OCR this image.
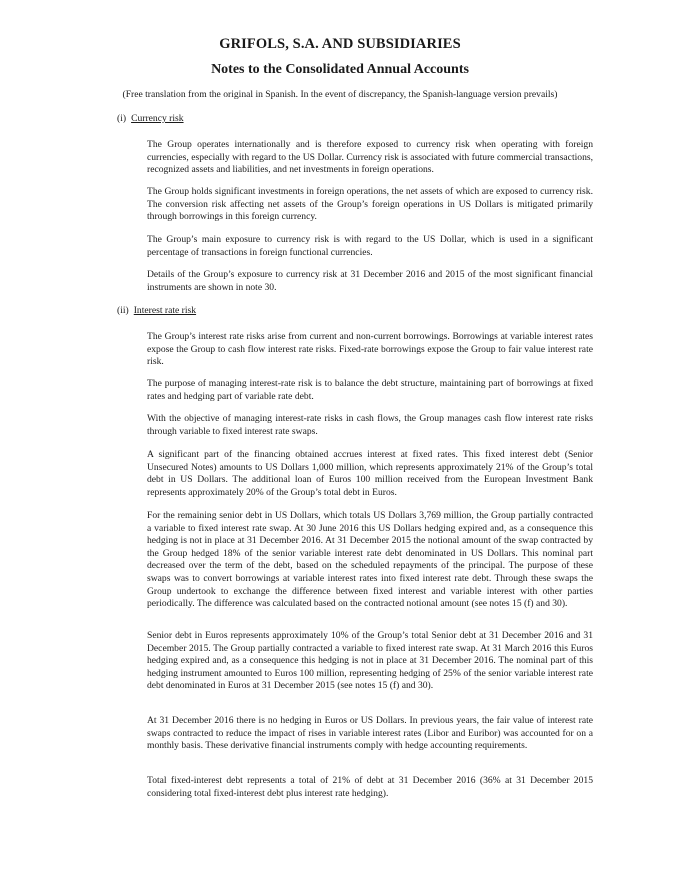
GRIFOLS, S.A. AND SUBSIDIARIES
Notes to the Consolidated Annual Accounts
(Free translation from the original in Spanish. In the event of discrepancy, the Spanish-language version prevails)
(i) Currency risk

The Group operates internationally and is therefore exposed to currency risk when operating with foreign currencies, especially with regard to the US Dollar. Currency risk is associated with future commercial transactions, recognized assets and liabilities, and net investments in foreign operations.

The Group holds significant investments in foreign operations, the net assets of which are exposed to currency risk. The conversion risk affecting net assets of the Group’s foreign operations in US Dollars is mitigated primarily through borrowings in this foreign currency.

The Group’s main exposure to currency risk is with regard to the US Dollar, which is used in a significant percentage of transactions in foreign functional currencies.

Details of the Group’s exposure to currency risk at 31 December 2016 and 2015 of the most significant financial instruments are shown in note 30.

(ii) Interest rate risk

The Group’s interest rate risks arise from current and non-current borrowings. Borrowings at variable interest rates expose the Group to cash flow interest rate risks. Fixed-rate borrowings expose the Group to fair value interest rate risk.

The purpose of managing interest-rate risk is to balance the debt structure, maintaining part of borrowings at fixed rates and hedging part of variable rate debt.

With the objective of managing interest-rate risks in cash flows, the Group manages cash flow interest rate risks through variable to fixed interest rate swaps.

A significant part of the financing obtained accrues interest at fixed rates. This fixed interest debt (Senior Unsecured Notes) amounts to US Dollars 1,000 million, which represents approximately 21% of the Group’s total debt in US Dollars. The additional loan of Euros 100 million received from the European Investment Bank represents approximately 20% of the Group’s total debt in Euros.

For the remaining senior debt in US Dollars, which totals US Dollars 3,769 million, the Group partially contracted a variable to fixed interest rate swap. At 30 June 2016 this US Dollars hedging expired and, as a consequence this hedging is not in place at 31 December 2016. At 31 December 2015 the notional amount of the swap contracted by the Group hedged 18% of the senior variable interest rate debt denominated in US Dollars. This nominal part decreased over the term of the debt, based on the scheduled repayments of the principal. The purpose of these swaps was to convert borrowings at variable interest rates into fixed interest rate debt. Through these swaps the Group undertook to exchange the difference between fixed interest and variable interest with other parties periodically. The difference was calculated based on the contracted notional amount (see notes 15 (f) and 30).

Senior debt in Euros represents approximately 10% of the Group’s total Senior debt at 31 December 2016 and 31 December 2015. The Group partially contracted a variable to fixed interest rate swap. At 31 March 2016 this Euros hedging expired and, as a consequence this hedging is not in place at 31 December 2016. The nominal part of this hedging instrument amounted to Euros 100 million, representing hedging of 25% of the senior variable interest rate debt denominated in Euros at 31 December 2015 (see notes 15 (f) and 30).

At 31 December 2016 there is no hedging in Euros or US Dollars. In previous years, the fair value of interest rate swaps contracted to reduce the impact of rises in variable interest rates (Libor and Euribor) was accounted for on a monthly basis. These derivative financial instruments comply with hedge accounting requirements.

Total fixed-interest debt represents a total of 21% of debt at 31 December 2016 (36% at 31 December 2015 considering total fixed-interest debt plus interest rate hedging).
